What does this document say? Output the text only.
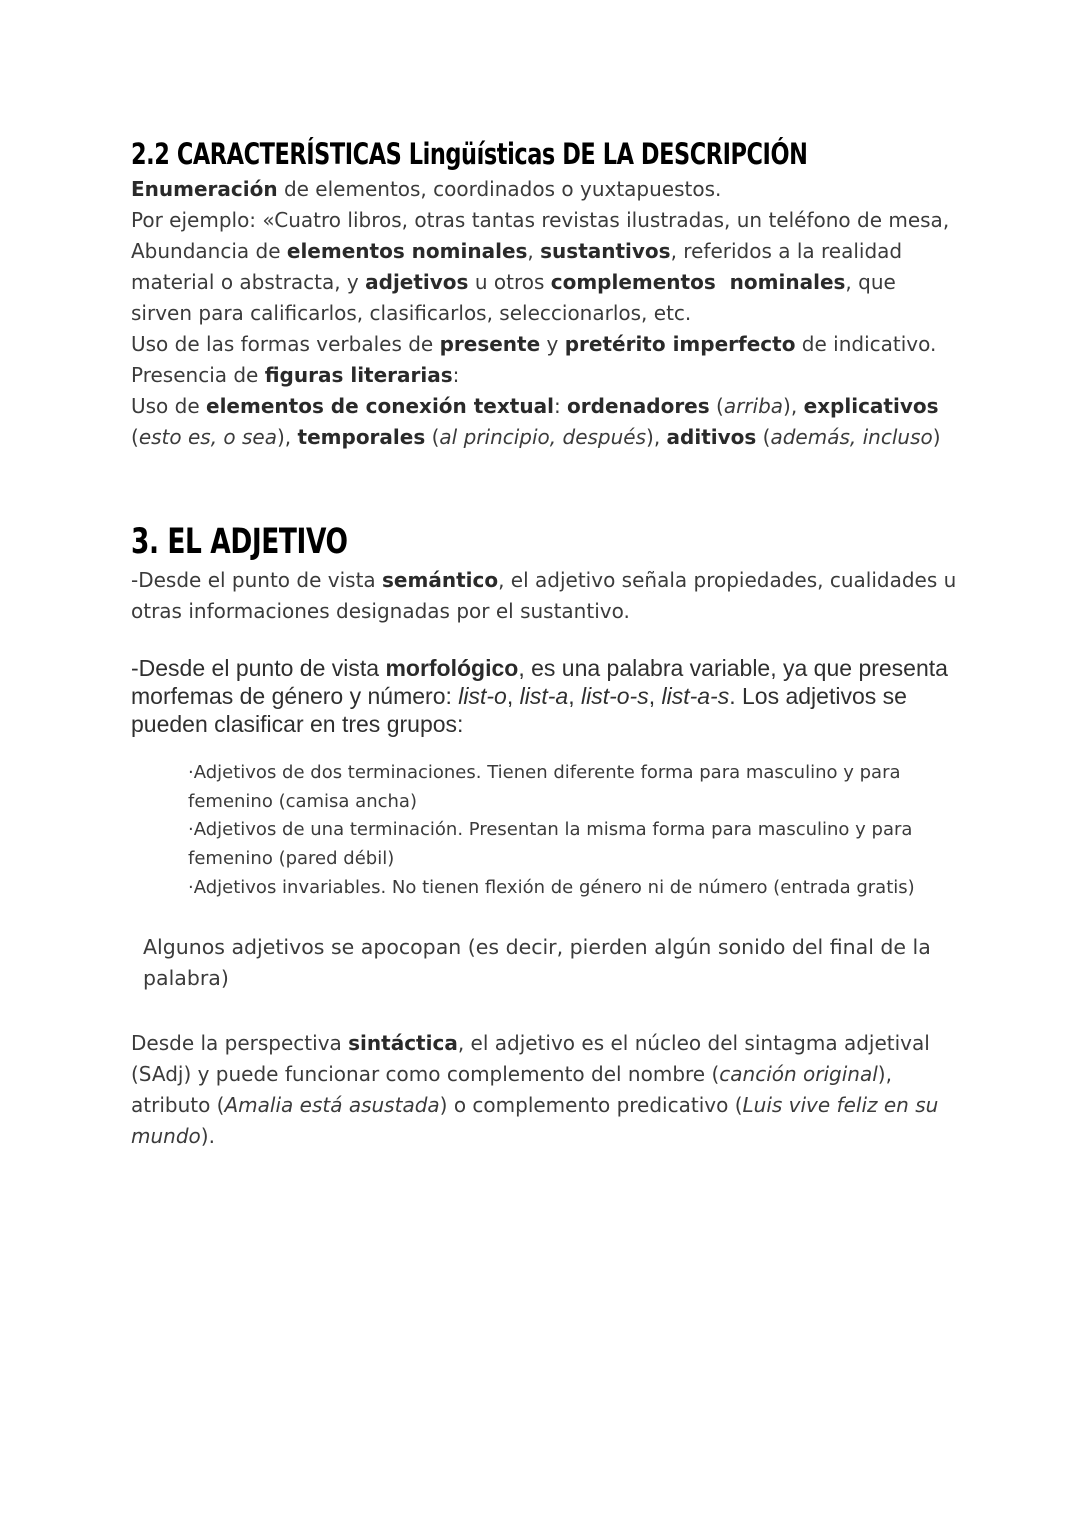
2.2 CARACTERÍSTICAS Lingüísticas DE LA DESCRIPCIÓN

Enumeración de elementos, coordinados o yuxtapuestos.

Por ejemplo: «Cuatro libros, otras tantas revistas ilustradas, un teléfono de mesa,

Abundancia de elementos nominales, sustantivos, referidos a la realidad material o abstracta, y adjetivos u otros complementos  nominales, que sirven para calificarlos, clasificarlos, seleccionarlos, etc.

Uso de las formas verbales de presente y pretérito imperfecto de indicativo.

Presencia de figuras literarias:

Uso de elementos de conexión textual: ordenadores (arriba), explicativos (esto es, o sea), temporales (al principio, después), aditivos (además, incluso)

3. EL ADJETIVO

-Desde el punto de vista semántico, el adjetivo señala propiedades, cualidades u otras informaciones designadas por el sustantivo.

-Desde el punto de vista morfológico, es una palabra variable, ya que presenta morfemas de género y número: list-o, list-a, list-o-s, list-a-s. Los adjetivos se pueden clasificar en tres grupos:

·Adjetivos de dos terminaciones. Tienen diferente forma para masculino y para femenino (camisa ancha)

·Adjetivos de una terminación. Presentan la misma forma para masculino y para femenino (pared débil)

·Adjetivos invariables. No tienen flexión de género ni de número (entrada gratis)

Algunos adjetivos se apocopan (es decir, pierden algún sonido del final de la palabra)

Desde la perspectiva sintáctica, el adjetivo es el núcleo del sintagma adjetival (SAdj) y puede funcionar como complemento del nombre (canción original), atributo (Amalia está asustada) o complemento predicativo (Luis vive feliz en su mundo).
